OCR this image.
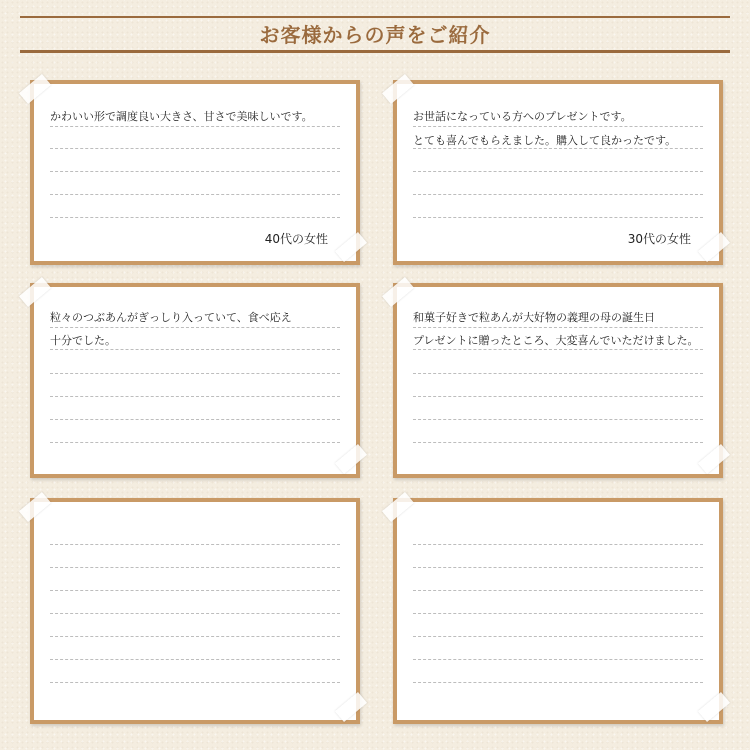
お客様からの声をご紹介
かわいい形で調度良い大きさ、甘さで美味しいです。
40代の女性
お世話になっている方へのプレゼントです。
とても喜んでもらえました。購入して良かったです。
30代の女性
粒々のつぶあんがぎっしり入っていて、食べ応え
十分でした。
和菓子好きで粒あんが大好物の義理の母の誕生日
プレゼントに贈ったところ、大変喜んでいただけました。
